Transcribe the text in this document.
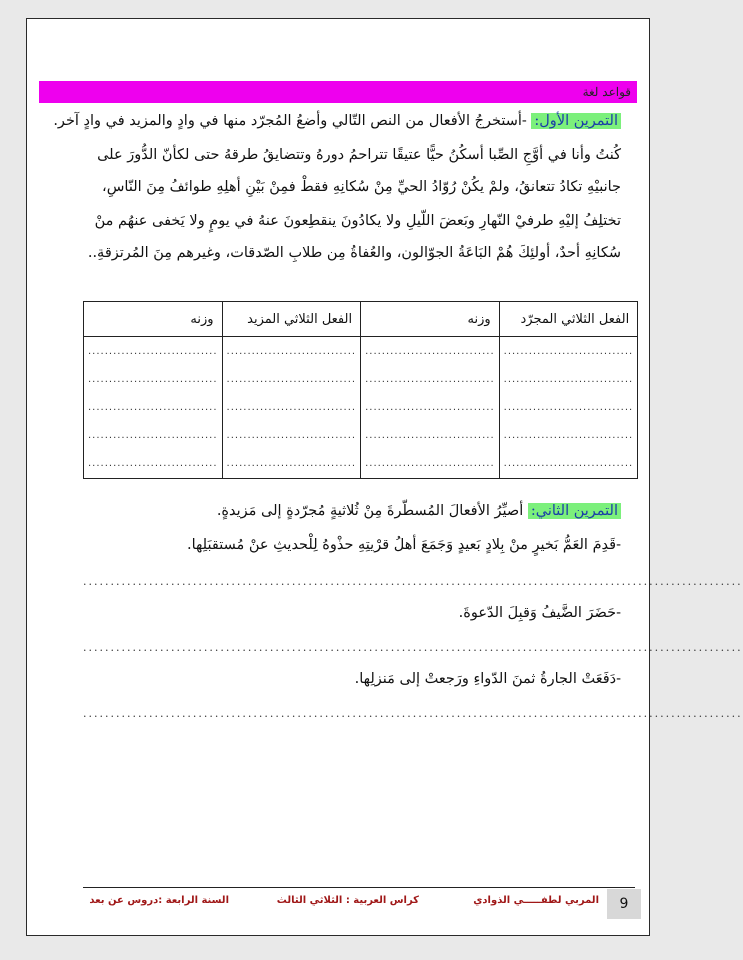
قواعد لغة
التمرين الأول: -أستخرجُ الأفعال من النص التّالي وأضعُ المُجرّد منها في وادٍ والمزيد في وادٍ آخر.
كُنتُ وأنا في أوَّجِ الصِّبا أسكُنُ حيًّا عتيقًا تتراحمُ دورهُ وتتضايقُ طرقهُ حتى لكأنّ الدُّورَ على
جانبيْهِ تكادُ تتعانقُ، ولمْ يكُنْ رُوّادُ الحيِّ مِنْ سُكانِهِ فقطْ فمِنْ بَيْنِ أهلِهِ طوائفُ مِنَ النّاسِ،
تختلِفُ إليْهِ طرفيْ النّهارِ وبَعضَ اللّيلِ ولا يكادُونَ ينقطِعونَ عنهُ في يومٍ ولا يَخفى عنهُم منْ
سُكانِهِ أحدٌ، أولئِكَ هُمْ البَاعَةُ الجوّالون، والعُفاةُ مِن طلابِ الصّدقات، وغيرهم مِنَ المُرتزقةِ..
الفعل الثلاثي المجرّد	وزنه	الفعل الثلاثي المزيد	وزنه
...............................	...............................	...............................	...............................
...............................	...............................	...............................	...............................
...............................	...............................	...............................	...............................
...............................	...............................	...............................	...............................
...............................	...............................	...............................	...............................
التمرين الثاني: أصيِّرُ الأفعالَ المُسطّرةَ مِنْ ثُلاثيةٍ مُجرّدةٍ إلى مَزيدةٍ.
-قَدِمَ العَمُّ بَخيرٍ منْ بِلادٍ بَعيدٍ وَجَمَعَ أهلُ قرْيتِهِ حذْوهُ لِلْحديثِ عنْ مُستقبَلِها.
........................................................................................................................
-حَضَرَ الضَّيفُ وَقبِلَ الدّعوةَ.
........................................................................................................................
-دَفَعَتْ الجارةُ ثمنَ الدّواءِ ورَجعتْ إلى مَنزلِها.
........................................................................................................................
المربي لطفـــــي الذوادي
كراس العربية : الثلاثي الثالث
السنة الرابعة :دروس عن بعد	9
